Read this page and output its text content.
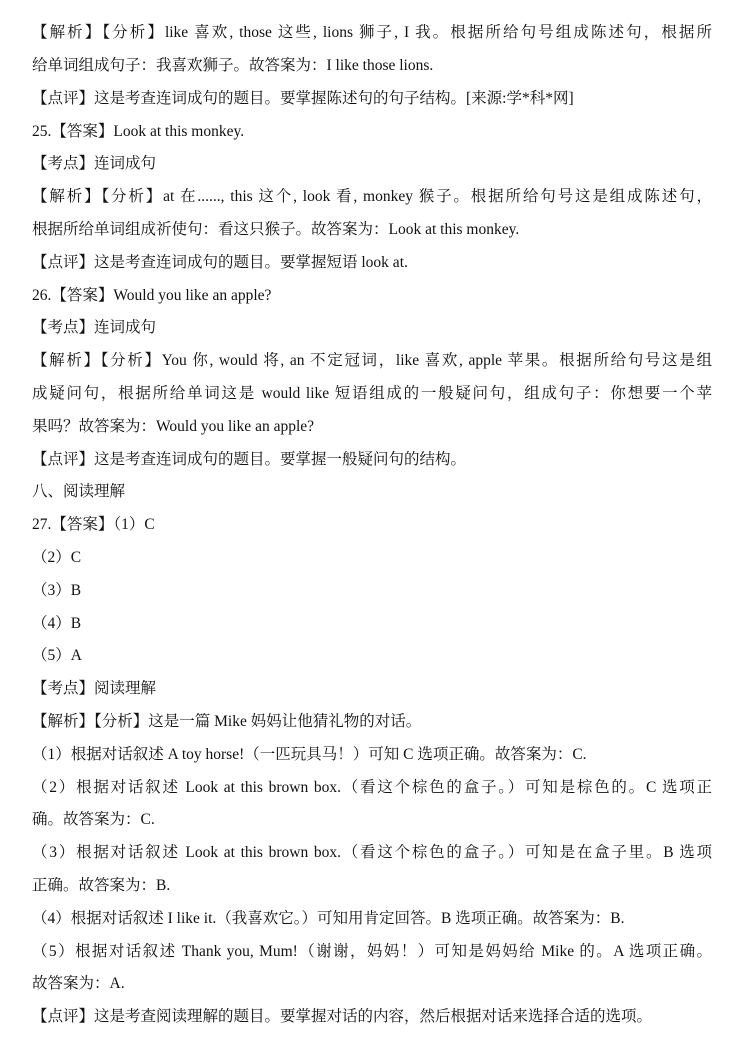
【解析】【分析】like 喜欢, those 这些, lions 狮子, I 我。根据所给句号组成陈述句，根据所
给单词组成句子：我喜欢狮子。故答案为：I like those lions.
【点评】这是考查连词成句的题目。要掌握陈述句的句子结构。[来源:学*科*网]
25.【答案】Look at this monkey.
【考点】连词成句
【解析】【分析】at 在......, this 这个, look 看, monkey 猴子。根据所给句号这是组成陈述句，
根据所给单词组成祈使句：看这只猴子。故答案为：Look at this monkey.
【点评】这是考查连词成句的题目。要掌握短语 look at.
26.【答案】Would you like an apple?
【考点】连词成句
【解析】【分析】You 你, would 将, an 不定冠词，like 喜欢, apple 苹果。根据所给句号这是组
成疑问句，根据所给单词这是 would like 短语组成的一般疑问句，组成句子：你想要一个苹
果吗？故答案为：Would you like an apple?
【点评】这是考查连词成句的题目。要掌握一般疑问句的结构。
八、阅读理解
27.【答案】（1）C
（2）C
（3）B
（4）B
（5）A
【考点】阅读理解
【解析】【分析】这是一篇 Mike 妈妈让他猜礼物的对话。
（1）根据对话叙述 A toy horse!（一匹玩具马！）可知 C 选项正确。故答案为：C.
（2）根据对话叙述 Look at this brown box.（看这个棕色的盒子。）可知是棕色的。C 选项正
确。故答案为：C.
（3）根据对话叙述 Look at this brown box.（看这个棕色的盒子。）可知是在盒子里。B 选项
正确。故答案为：B.
（4）根据对话叙述 I like it.（我喜欢它。）可知用肯定回答。B 选项正确。故答案为：B.
（5）根据对话叙述 Thank you, Mum!（谢谢，妈妈！）可知是妈妈给 Mike 的。A 选项正确。
故答案为：A.
【点评】这是考查阅读理解的题目。要掌握对话的内容，然后根据对话来选择合适的选项。
